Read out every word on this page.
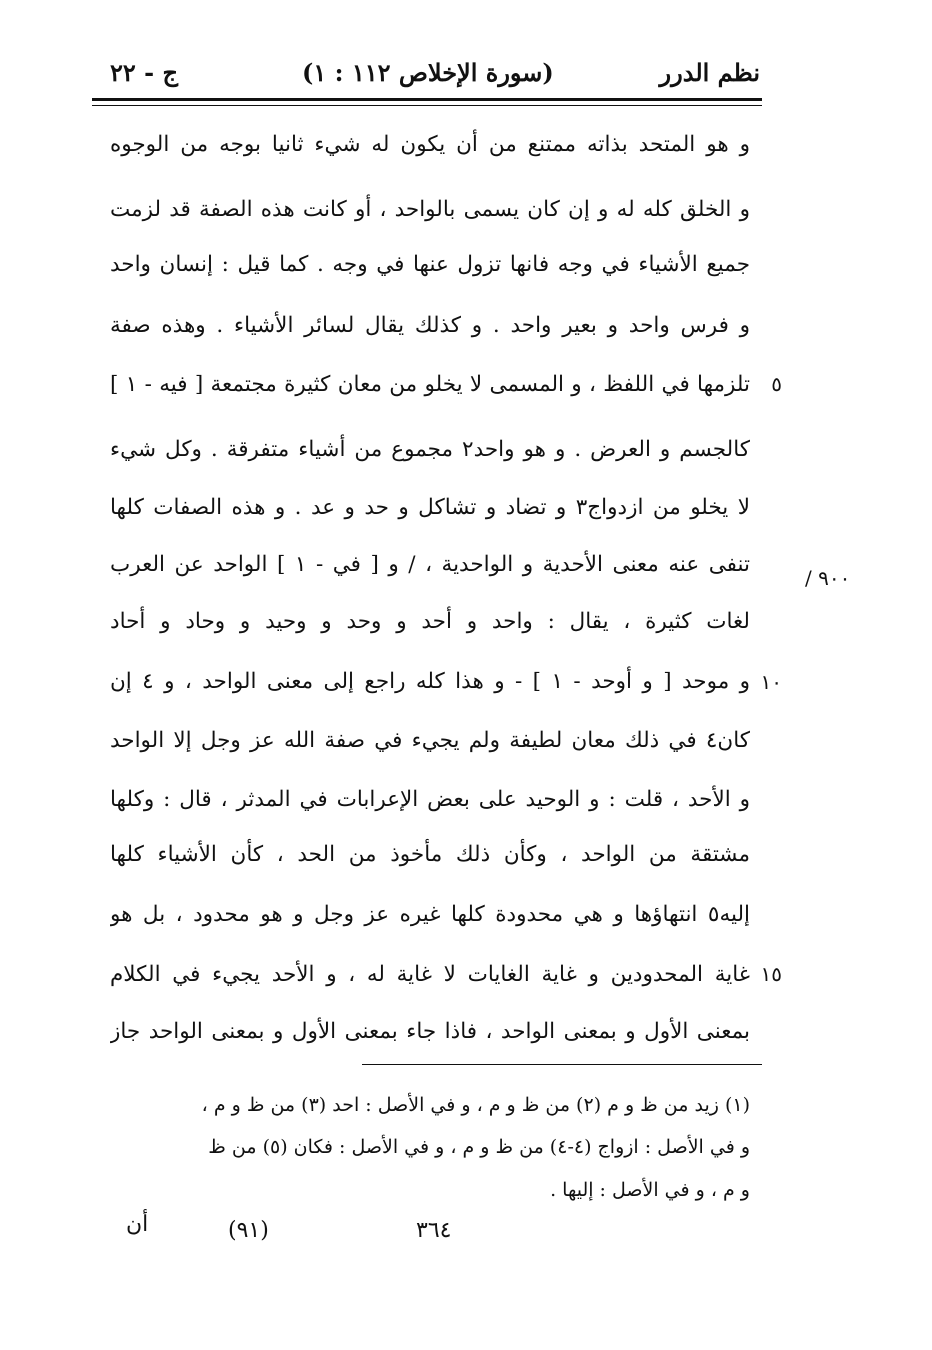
نظم الدرر
(سورة الإخلاص ١١٢ : ١)
ج - ٢٢
و هو المتحد بذاته ممتنع من أن يكون له شيء ثانيا بوجه من الوجوه
و الخلق كله له و إن كان يسمى بالواحد ، أو كانت هذه الصفة قد لزمت
جميع الأشياء في وجه فانها تزول عنها في وجه . كما قيل : إنسان واحد
و فرس واحد و بعير واحد . و كذلك يقال لسائر الأشياء . وهذه صفة
تلزمها في اللفظ ، و المسمى لا يخلو من معان كثيرة مجتمعة [ فيه - ١ ]
كالجسم و العرض . و هو واحد٢ مجموع من أشياء متفرقة . وكل شيء
لا يخلو من ازدواج٣ و تضاد و تشاكل و حد و عد . و هذه الصفات كلها
تنفى عنه معنى الأحدية و الواحدية ، / و [ في - ١ ] الواحد عن العرب
لغات كثيرة ، يقال : واحد و أحد و وحد و وحيد و وحاد و أحاد
و موحد [ و أوحد - ١ ] - و هذا كله راجع إلى معنى الواحد ، و ٤ إن
كان٤ في ذلك معان لطيفة ولم يجيء في صفة الله عز وجل إلا الواحد
و الأحد ، قلت : و الوحيد على بعض الإعرابات في المدثر ، قال : وكلها
مشتقة من الواحد ، وكأن ذلك مأخوذ من الحد ، كأن الأشياء كلها
إليه٥ انتهاؤها و هي محدودة كلها غيره عز وجل و هو محدود ، بل هو
غاية المحدودين و غاية الغايات لا غاية له ، و الأحد يجيء في الكلام
بمعنى الأول و بمعنى الواحد ، فاذا جاء بمعنى الأول و بمعنى الواحد جاز
٥
١٠
١٥
٩٠٠ /
(١) زيد من ظ و م (٢) من ظ و م ، و في الأصل : احد (٣) من ظ و م ،
و في الأصل : ازواج (٤-٤) من ظ و م ، و في الأصل : فكان (٥) من ظ
و م ، و في الأصل : إليها .
٣٦٤
(٩١)
أن
